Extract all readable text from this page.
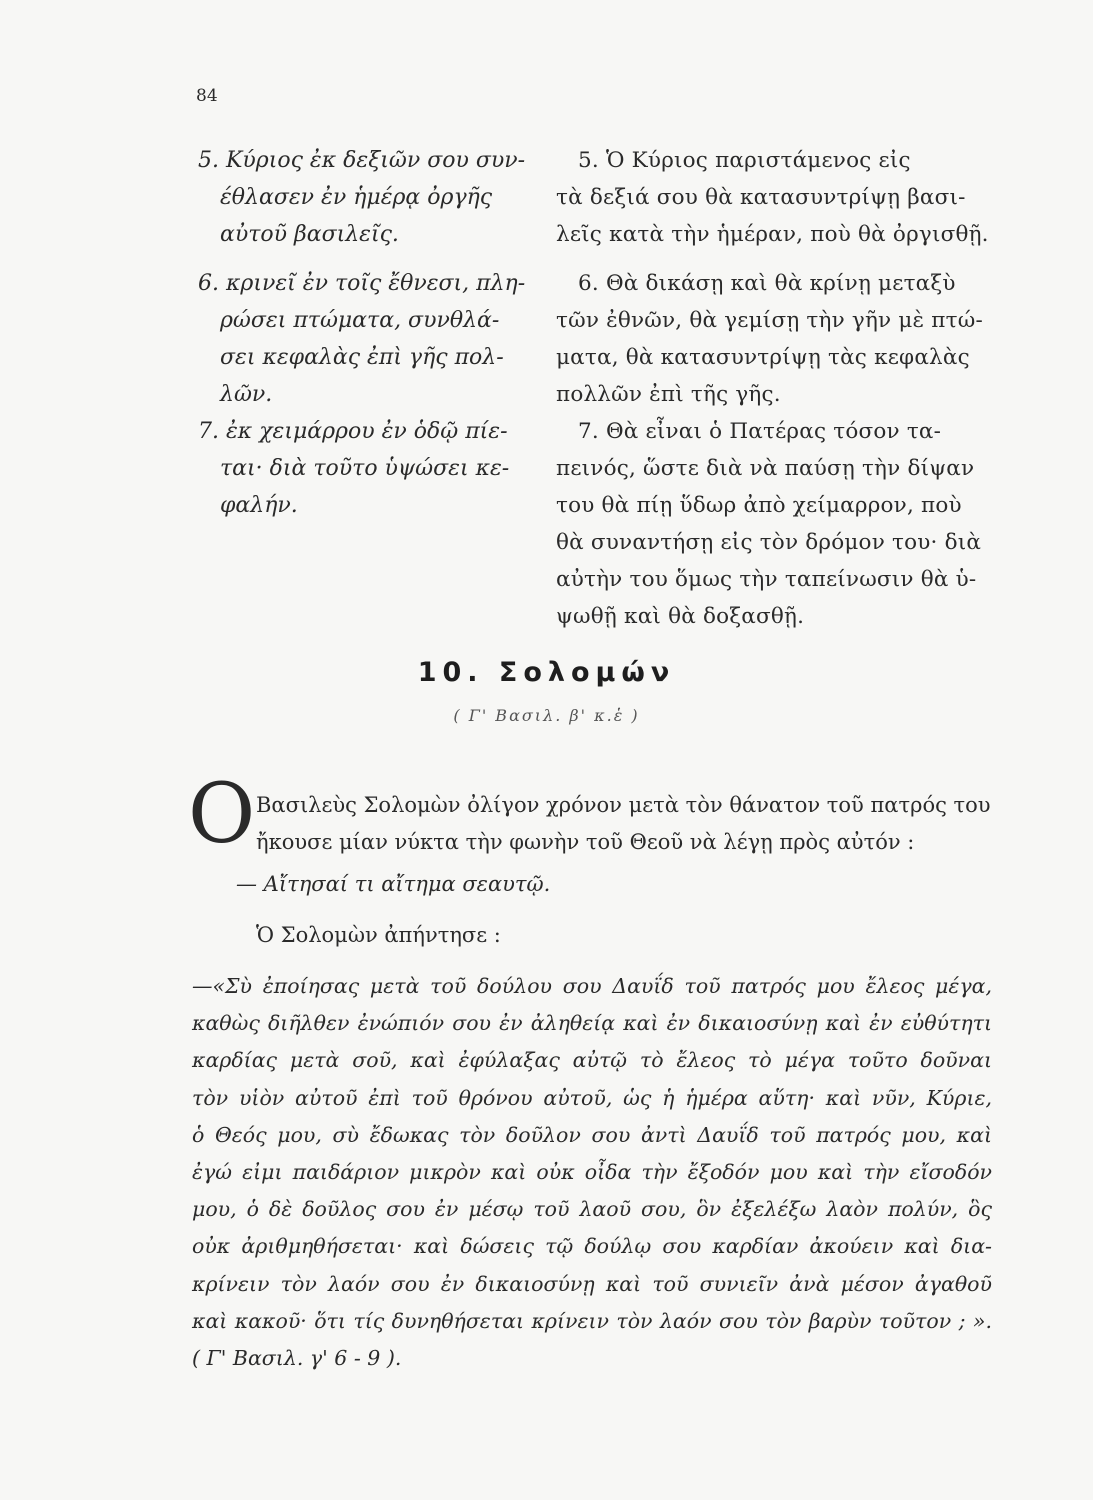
84
5. Κύριος ἐκ δεξιῶν σου συν-
έθλασεν ἐν ἡμέρᾳ ὀργῆς
αὐτοῦ βασιλεῖς.
6. κρινεῖ ἐν τοῖς ἔθνεσι, πλη-
ρώσει πτώματα, συνθλά-
σει κεφαλὰς ἐπὶ γῆς πολ-
λῶν.
7. ἐκ χειμάρρου ἐν ὁδῷ πίε-
ται· διὰ τοῦτο ὑψώσει κε-
φαλήν.
5. Ὁ Κύριος παριστάμενος εἰς
τὰ δεξιά σου θὰ κατασυντρίψῃ βασι-
λεῖς κατὰ τὴν ἡμέραν, ποὺ θὰ ὀργισθῇ.
6. Θὰ δικάσῃ καὶ θὰ κρίνῃ μεταξὺ
τῶν ἐθνῶν, θὰ γεμίσῃ τὴν γῆν μὲ πτώ-
ματα, θὰ κατασυντρίψῃ τὰς κεφαλὰς
πολλῶν ἐπὶ τῆς γῆς.
7. Θὰ εἶναι ὁ Πατέρας τόσον τα-
πεινός, ὥστε διὰ νὰ παύσῃ τὴν δίψαν
του θὰ πίῃ ὕδωρ ἀπὸ χείμαρρον, ποὺ
θὰ συναντήσῃ εἰς τὸν δρόμον του· διὰ
αὐτὴν του ὅμως τὴν ταπείνωσιν θὰ ὑ-
ψωθῇ καὶ θὰ δοξασθῇ.
10. Σολομών
( Γ' Βασιλ. β' κ.ἑ )
Ο Βασιλεὺς Σολομὼν ὀλίγον χρόνον μετὰ τὸν θάνατον τοῦ πατρός του
ἤκουσε μίαν νύκτα τὴν φωνὴν τοῦ Θεοῦ νὰ λέγῃ πρὸς αὐτόν :
— Αἴτησαί τι αἴτημα σεαυτῷ.
Ὁ Σολομὼν ἀπήντησε :
—«Σὺ ἐποίησας μετὰ τοῦ δούλου σου Δαυΐδ τοῦ πατρός μου ἔλεος μέγα,
καθὼς διῆλθεν ἐνώπιόν σου ἐν ἀληθείᾳ καὶ ἐν δικαιοσύνῃ καὶ ἐν εὐθύτητι
καρδίας μετὰ σοῦ, καὶ ἐφύλαξας αὐτῷ τὸ ἔλεος τὸ μέγα τοῦτο δοῦναι
τὸν υἱὸν αὐτοῦ ἐπὶ τοῦ θρόνου αὐτοῦ, ὡς ἡ ἡμέρα αὕτη· καὶ νῦν, Κύριε,
ὁ Θεός μου, σὺ ἔδωκας τὸν δοῦλον σου ἀντὶ Δαυΐδ τοῦ πατρός μου, καὶ
ἐγώ εἰμι παιδάριον μικρὸν καὶ οὐκ οἶδα τὴν ἔξοδόν μου καὶ τὴν εἴσοδόν
μου, ὁ δὲ δοῦλος σου ἐν μέσῳ τοῦ λαοῦ σου, ὃν ἐξελέξω λαὸν πολύν, ὃς
οὐκ ἀριθμηθήσεται· καὶ δώσεις τῷ δούλῳ σου καρδίαν ἀκούειν καὶ δια-
κρίνειν τὸν λαόν σου ἐν δικαιοσύνῃ καὶ τοῦ συνιεῖν ἀνὰ μέσον ἀγαθοῦ
καὶ κακοῦ· ὅτι τίς δυνηθήσεται κρίνειν τὸν λαόν σου τὸν βαρὺν τοῦτον ; ».
( Γ' Βασιλ. γ' 6 - 9 ).
